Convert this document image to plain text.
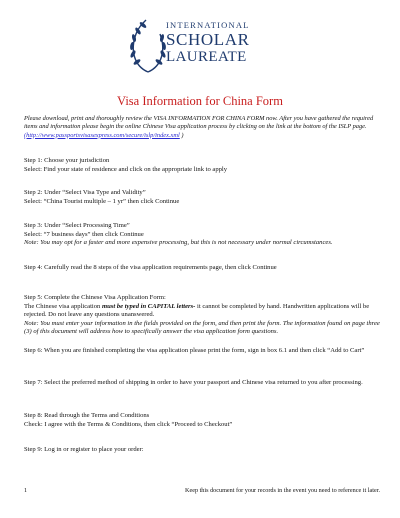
INTERNATIONAL
SCHOLAR
LAUREATE
Visa Information for China Form
Please download, print and thoroughly review the VISA INFORMATION FOR CHINA FORM now. After you have gathered the required items and information please begin the online Chinese Visa application process by clicking on the link at the bottom of the ISLP page. (http://www.passportsvisasexpress.com/secure/islp/index.xml )
Step 1: Choose your jurisdiction
Select: Find your state of residence and click on the appropriate link to apply
Step 2: Under “Select Visa Type and Validity”
Select: “China Tourist multiple – 1 yr” then click Continue
Step 3: Under “Select Processing Time”
Select: “7 business days” then click Continue
Note: You may opt for a faster and more expensive processing, but this is not necessary under normal circumstances.
Step 4: Carefully read the 8 steps of the visa application requirements page, then click Continue
Step 5: Complete the Chinese Visa Application Form:
The Chinese visa application must be typed in CAPITAL letters- it cannot be completed by hand. Handwritten applications will be rejected. Do not leave any questions unanswered.
Note: You must enter your information in the fields provided on the form, and then print the form. The information found on page three (3) of this document will address how to specifically answer the visa application form questions.
Step 6: When you are finished completing the visa application please print the form, sign in box 6.1 and then click “Add to Cart”
Step 7: Select the preferred method of shipping in order to have your passport and Chinese visa returned to you after processing.
Step 8: Read through the Terms and Conditions
Check: I agree with the Terms & Conditions, then click “Proceed to Checkout”
Step 9: Log in or register to place your order:
1	Keep this document for your records in the event you need to reference it later.
